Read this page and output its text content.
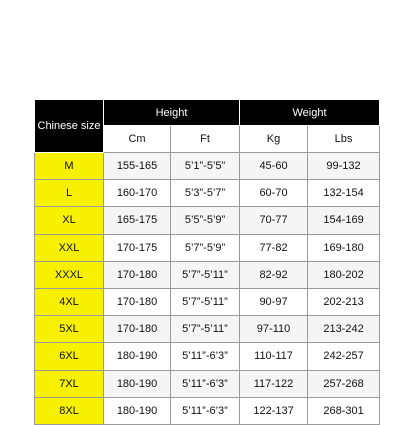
Chinese size	Height		Weight	
	Cm	Ft	Kg	Lbs
M	155-165	5’1”-5’5”	45-60	99-132
L	160-170	5’3”-5’7”	60-70	132-154
XL	165-175	5’5”-5’9”	70-77	154-169
XXL	170-175	5’7”-5’9”	77-82	169-180
XXXL	170-180	5’7”-5’11”	82-92	180-202
4XL	170-180	5’7”-5’11”	90-97	202-213
5XL	170-180	5’7”-5’11”	97-110	213-242
6XL	180-190	5’11”-6’3”	110-117	242-257
7XL	180-190	5’11”-6’3”	117-122	257-268
8XL	180-190	5’11”-6’3”	122-137	268-301
